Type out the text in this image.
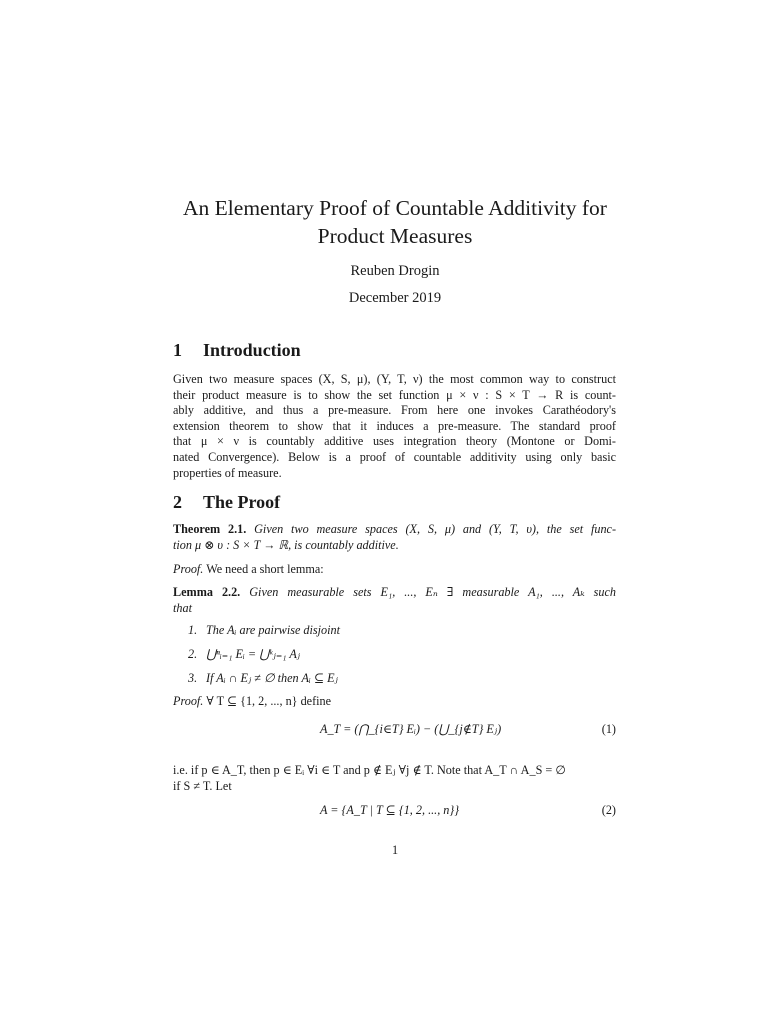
An Elementary Proof of Countable Additivity for
Product Measures
Reuben Drogin
December 2019
1 Introduction
Given two measure spaces (X, S, μ), (Y, T, ν) the most common way to construct
their product measure is to show the set function μ × ν : S × T → R is count-
ably additive, and thus a pre-measure. From here one invokes Carathéodory's
extension theorem to show that it induces a pre-measure. The standard proof
that μ × ν is countably additive uses integration theory (Montone or Domi-
nated Convergence). Below is a proof of countable additivity using only basic
properties of measure.
2 The Proof
Theorem 2.1. Given two measure spaces (X, S, μ) and (Y, T, υ), the set func-
tion μ ⊗ υ : S × T → ℝ, is countably additive.
Proof. We need a short lemma:
Lemma 2.2. Given measurable sets E₁, ..., Eₙ ∃ measurable A₁, ..., Aₖ such
that
1. The Aᵢ are pairwise disjoint
2. ⋃ⁿᵢ₌₁ Eᵢ = ⋃ᵏⱼ₌₁ Aⱼ
3. If Aᵢ ∩ Eⱼ ≠ ∅ then Aᵢ ⊆ Eⱼ
Proof. ∀ T ⊆ {1, 2, ..., n} define
A_T = (⋂_{i∈T} Eᵢ) − (⋃_{j∉T} Eⱼ)	(1)
i.e. if p ∈ A_T, then p ∈ Eᵢ ∀i ∈ T and p ∉ Eⱼ ∀j ∉ T. Note that A_T ∩ A_S = ∅
if S ≠ T. Let
A = {A_T | T ⊆ {1, 2, ..., n}}	(2)
1
